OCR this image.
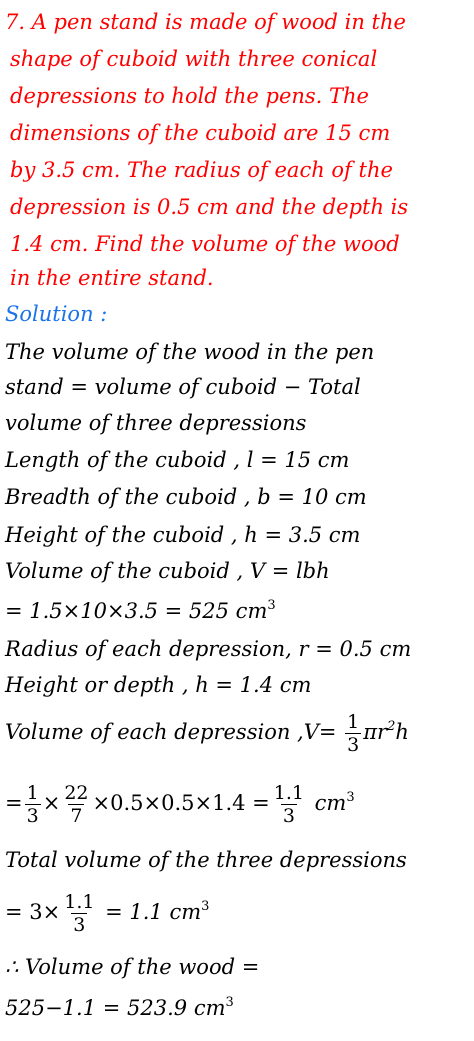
7. A pen stand is made of wood in the
shape of cuboid with three conical
depressions to hold the pens. The
dimensions of the cuboid are 15 cm
by 3.5 cm. The radius of each of the
depression is 0.5 cm and the depth is
1.4 cm. Find the volume of the wood
in the entire stand.
Solution :
The volume of the wood in the pen
stand = volume of cuboid − Total
volume of three depressions
Length of the cuboid , l = 15 cm
Breadth of the cuboid , b = 10 cm
Height of the cuboid , h = 3.5 cm
Volume of the cuboid , V = lbh
= 1.5×10×3.5 = 525 $cm^3$
Radius of each depression, r = 0.5 cm
Height or depth , h = 1.4 cm
Volume of each depression $,V= \frac{1}{3} \pi r^2h$
= $\frac{1}{3} \times \frac{22}{7} \times 0.5\times 0.5\times 1.4 = \frac{1.1}{3} cm^3$
Total volume of the three depressions
= $3\times \frac{1.1}{3} = 1.1$ $cm^3$
∴ Volume of the wood =
525−1.1 = 523.9 $cm^3$
